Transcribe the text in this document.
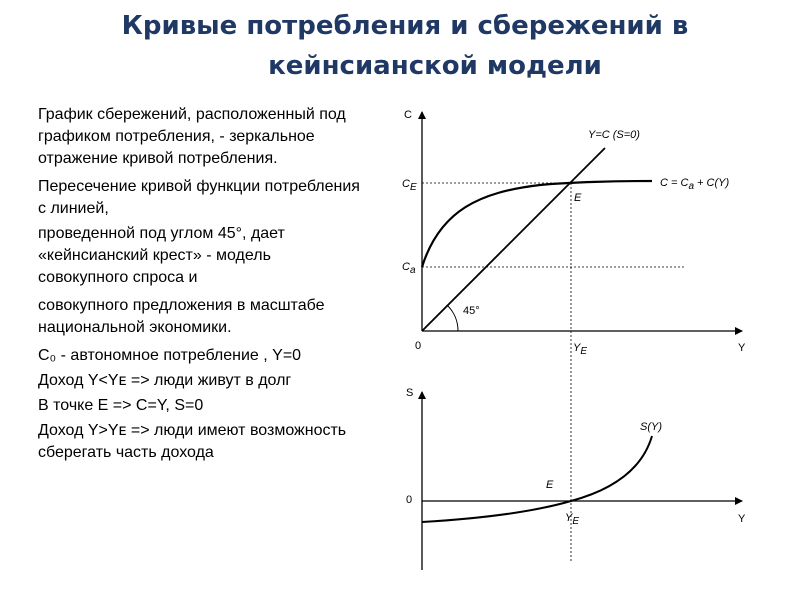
Кривые потребления и сбережений в
кейнсианской модели
График сбережений, расположенный под графиком потребления, - зеркальное отражение кривой потребления.
Пересечение кривой функции потребления с линией,
проведенной под углом 45°, дает «кейнсианский крест» - модель совокупного спроса и
совокупного предложения в масштабе национальной экономики.
C₀ - автономное потребление , Y=0
Доход Y<Yᴇ => люди живут в долг
В точке E => C=Y, S=0
Доход Y>Yᴇ => люди имеют возможность сберегать часть дохода
C
Y
0
45°
Y=C (S=0)
C = Ca + C(Y)
CE
Ca
E
YE
S
Y
0
S(Y)
E
YE
